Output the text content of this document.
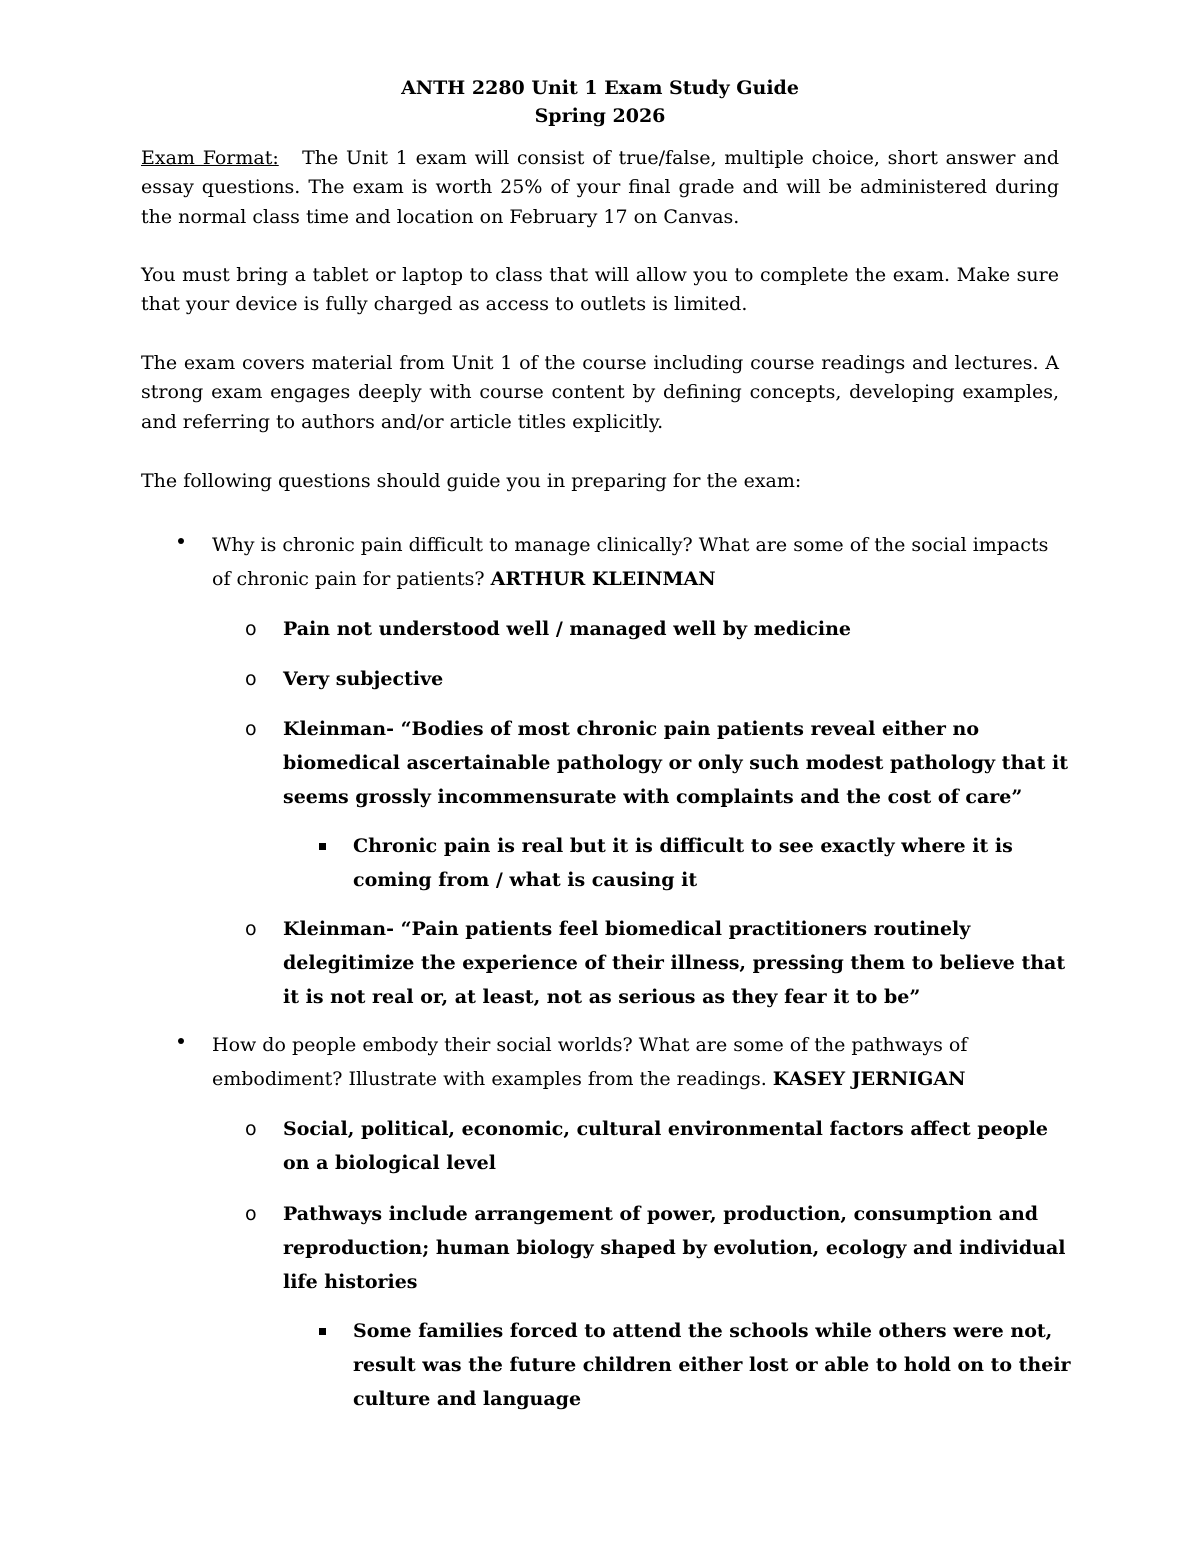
ANTH 2280 Unit 1 Exam Study Guide
Spring 2026
Exam Format: The Unit 1 exam will consist of true/false, multiple choice, short answer and essay questions. The exam is worth 25% of your final grade and will be administered during the normal class time and location on February 17 on Canvas.
You must bring a tablet or laptop to class that will allow you to complete the exam. Make sure that your device is fully charged as access to outlets is limited.
The exam covers material from Unit 1 of the course including course readings and lectures. A strong exam engages deeply with course content by defining concepts, developing examples, and referring to authors and/or article titles explicitly.
The following questions should guide you in preparing for the exam:
Why is chronic pain difficult to manage clinically? What are some of the social impacts of chronic pain for patients? ARTHUR KLEINMAN
o Pain not understood well / managed well by medicine
o Very subjective
o Kleinman- “Bodies of most chronic pain patients reveal either no biomedical ascertainable pathology or only such modest pathology that it seems grossly incommensurate with complaints and the cost of care”
Chronic pain is real but it is difficult to see exactly where it is coming from / what is causing it
o Kleinman- “Pain patients feel biomedical practitioners routinely delegitimize the experience of their illness, pressing them to believe that it is not real or, at least, not as serious as they fear it to be”
How do people embody their social worlds? What are some of the pathways of embodiment? Illustrate with examples from the readings. KASEY JERNIGAN
o Social, political, economic, cultural environmental factors affect people on a biological level
o Pathways include arrangement of power, production, consumption and reproduction; human biology shaped by evolution, ecology and individual life histories
Some families forced to attend the schools while others were not, result was the future children either lost or able to hold on to their culture and language
